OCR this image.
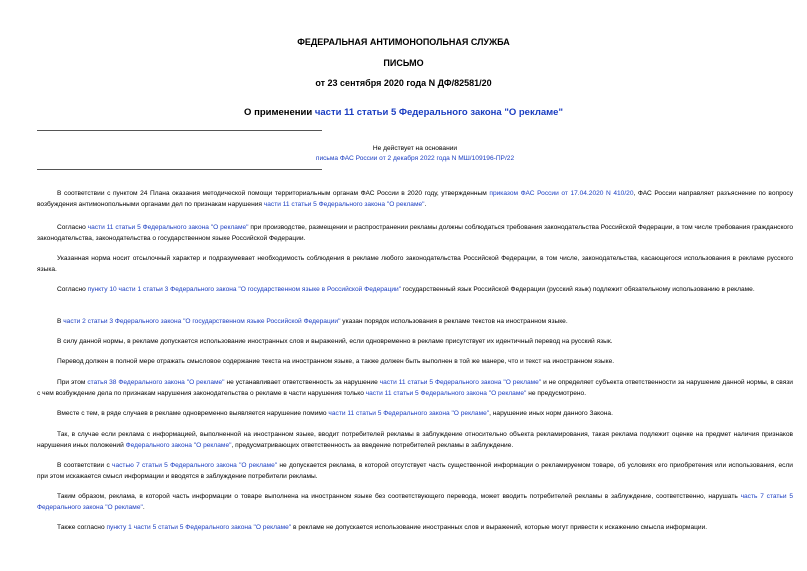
ФЕДЕРАЛЬНАЯ АНТИМОНОПОЛЬНАЯ СЛУЖБА
ПИСЬМО
от 23 сентября 2020 года N ДФ/82581/20
О применении части 11 статьи 5 Федерального закона "О рекламе"
Не действует на основании
письма ФАС России от 2 декабря 2022 года N МШ/109196-ПР/22

В соответствии с пунктом 24 Плана оказания методической помощи территориальным органам ФАС России в 2020 году, утвержденным приказом ФАС России от 17.04.2020 N 410/20, ФАС России направляет разъяснение по вопросу возбуждения антимонопольными органами дел по признакам нарушения части 11 статьи 5 Федерального закона "О рекламе".

Согласно части 11 статьи 5 Федерального закона "О рекламе" при производстве, размещении и распространении рекламы должны соблюдаться требования законодательства Российской Федерации, в том числе требования гражданского законодательства, законодательства о государственном языке Российской Федерации.

Указанная норма носит отсылочный характер и подразумевает необходимость соблюдения в рекламе любого законодательства Российской Федерации, в том числе, законодательства, касающегося использования в рекламе русского языка.

Согласно пункту 10 части 1 статьи 3 Федерального закона "О государственном языке в Российской Федерации" государственный язык Российской Федерации (русский язык) подлежит обязательному использованию в рекламе.

В части 2 статьи 3 Федерального закона "О государственном языке Российской Федерации" указан порядок использования в рекламе текстов на иностранном языке.

В силу данной нормы, в рекламе допускается использование иностранных слов и выражений, если одновременно в рекламе присутствует их идентичный перевод на русский язык.

Перевод должен в полной мере отражать смысловое содержание текста на иностранном языке, а также должен быть выполнен в той же манере, что и текст на иностранном языке.

При этом статья 38 Федерального закона "О рекламе" не устанавливает ответственность за нарушение части 11 статьи 5 Федерального закона "О рекламе" и не определяет субъекта ответственности за нарушение данной нормы, в связи с чем возбуждение дела по признакам нарушения законодательства о рекламе в части нарушения только части 11 статьи 5 Федерального закона "О рекламе" не предусмотрено.

Вместе с тем, в ряде случаев в рекламе одновременно выявляется нарушение помимо части 11 статьи 5 Федерального закона "О рекламе", нарушение иных норм данного Закона.

Так, в случае если реклама с информацией, выполненной на иностранном языке, вводит потребителей рекламы в заблуждение относительно объекта рекламирования, такая реклама подлежит оценке на предмет наличия признаков нарушения иных положений Федерального закона "О рекламе", предусматривающих ответственность за введение потребителей рекламы в заблуждение.

В соответствии с частью 7 статьи 5 Федерального закона "О рекламе" не допускается реклама, в которой отсутствует часть существенной информации о рекламируемом товаре, об условиях его приобретения или использования, если при этом искажается смысл информации и вводятся в заблуждение потребители рекламы.

Таким образом, реклама, в которой часть информации о товаре выполнена на иностранном языке без соответствующего перевода, может вводить потребителей рекламы в заблуждение, соответственно, нарушать часть 7 статьи 5 Федерального закона "О рекламе".

Также согласно пункту 1 части 5 статьи 5 Федерального закона "О рекламе" в рекламе не допускается использование иностранных слов и выражений, которые могут привести к искажению смысла информации.
